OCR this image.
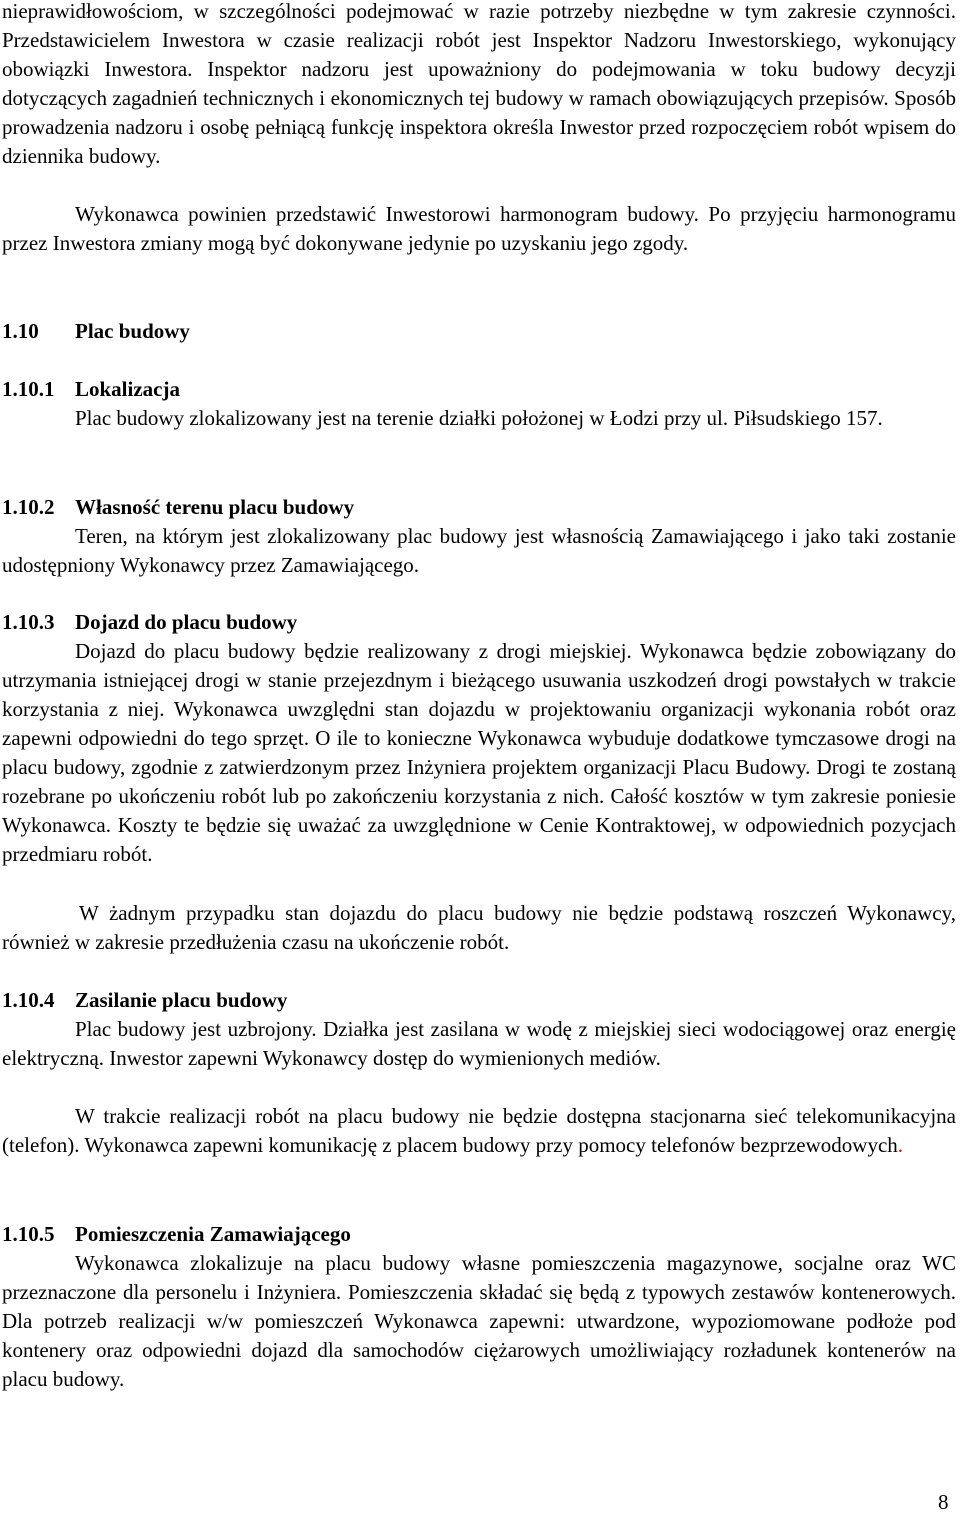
nieprawidłowościom, w szczególności podejmować w razie potrzeby niezbędne w tym zakresie czynności. Przedstawicielem Inwestora w czasie realizacji robót jest Inspektor Nadzoru Inwestorskiego, wykonujący obowiązki Inwestora. Inspektor nadzoru jest upoważniony do podejmowania w toku budowy decyzji dotyczących zagadnień technicznych i ekonomicznych tej budowy w ramach obowiązujących przepisów. Sposób prowadzenia nadzoru i osobę pełniącą funkcję inspektora określa Inwestor przed rozpoczęciem robót wpisem do dziennika budowy.

Wykonawca powinien przedstawić Inwestorowi harmonogram budowy. Po przyjęciu harmonogramu przez Inwestora zmiany mogą być dokonywane jedynie po uzyskaniu jego zgody.

1.10 Plac budowy
1.10.1 Lokalizacja

Plac budowy zlokalizowany jest na terenie działki położonej w Łodzi przy ul. Piłsudskiego 157.

1.10.2 Własność terenu placu budowy

Teren, na którym jest zlokalizowany plac budowy jest własnością Zamawiającego i jako taki zostanie udostępniony Wykonawcy przez Zamawiającego.

1.10.3 Dojazd do placu budowy

Dojazd do placu budowy będzie realizowany z drogi miejskiej. Wykonawca będzie zobowiązany do utrzymania istniejącej drogi w stanie przejezdnym i bieżącego usuwania uszkodzeń drogi powstałych w trakcie korzystania z niej. Wykonawca uwzględni stan dojazdu w projektowaniu organizacji wykonania robót oraz zapewni odpowiedni do tego sprzęt. O ile to konieczne Wykonawca wybuduje dodatkowe tymczasowe drogi na placu budowy, zgodnie z zatwierdzonym przez Inżyniera projektem organizacji Placu Budowy. Drogi te zostaną rozebrane po ukończeniu robót lub po zakończeniu korzystania z nich. Całość kosztów w tym zakresie poniesie Wykonawca. Koszty te będzie się uważać za uwzględnione w Cenie Kontraktowej, w odpowiednich pozycjach przedmiaru robót.

W żadnym przypadku stan dojazdu do placu budowy nie będzie podstawą roszczeń Wykonawcy, również w zakresie przedłużenia czasu na ukończenie robót.

1.10.4 Zasilanie placu budowy

Plac budowy jest uzbrojony. Działka jest zasilana w wodę z miejskiej sieci wodociągowej oraz energię elektryczną. Inwestor zapewni Wykonawcy dostęp do wymienionych mediów.

W trakcie realizacji robót na placu budowy nie będzie dostępna stacjonarna sieć telekomunikacyjna (telefon). Wykonawca zapewni komunikację z placem budowy przy pomocy telefonów bezprzewodowych.

1.10.5 Pomieszczenia Zamawiającego

Wykonawca zlokalizuje na placu budowy własne pomieszczenia magazynowe, socjalne oraz WC przeznaczone dla personelu i Inżyniera. Pomieszczenia składać się będą z typowych zestawów kontenerowych. Dla potrzeb realizacji w/w pomieszczeń Wykonawca zapewni: utwardzone, wypoziomowane podłoże pod kontenery oraz odpowiedni dojazd dla samochodów ciężarowych umożliwiający rozładunek kontenerów na placu budowy.

8
